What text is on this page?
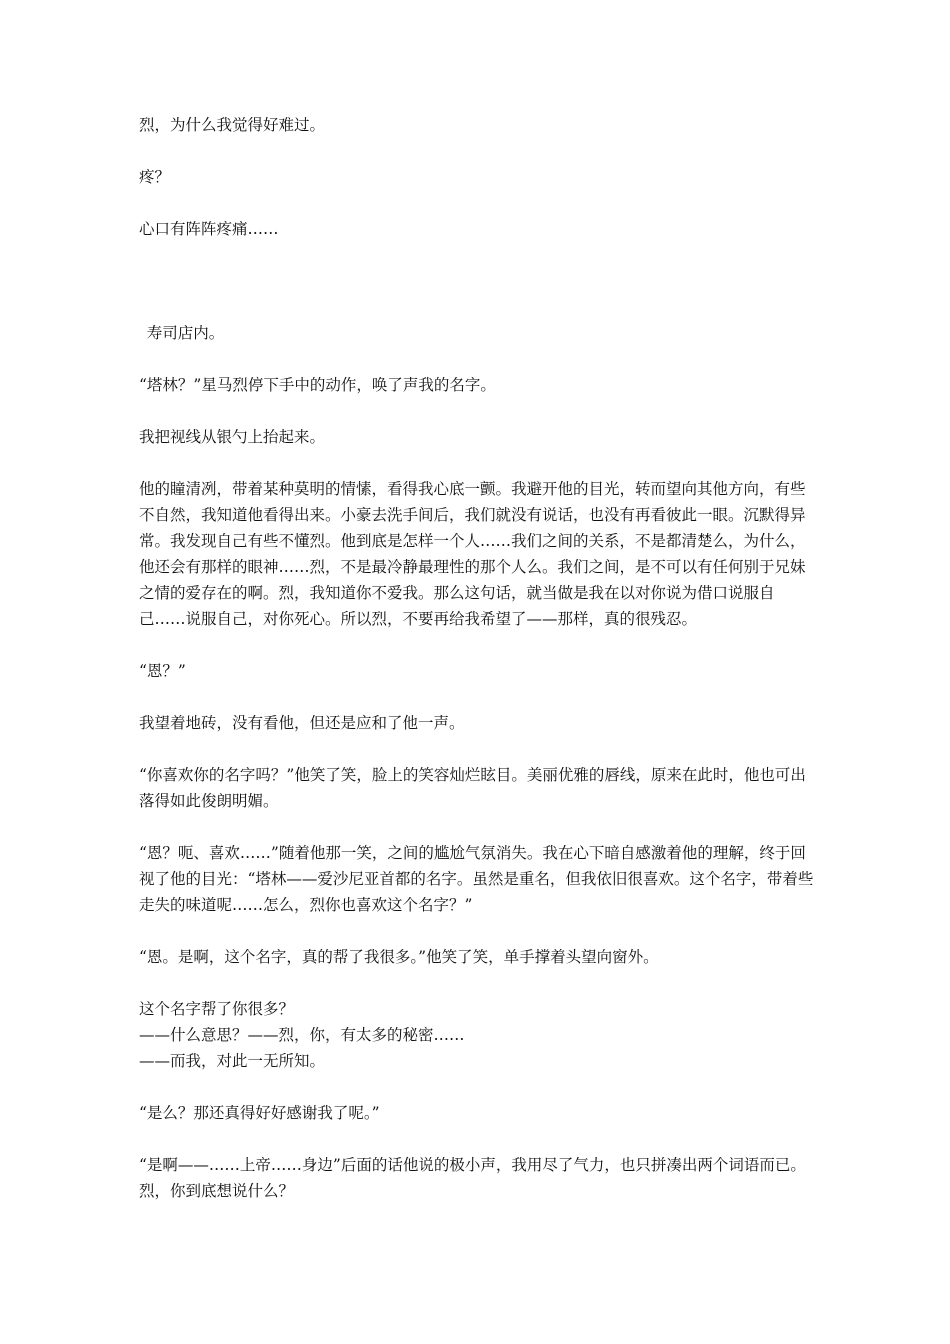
烈，为什么我觉得好难过。

疼？

心口有阵阵疼痛……

寿司店内。

“塔林？”星马烈停下手中的动作，唤了声我的名字。

我把视线从银勺上抬起来。

他的瞳清冽，带着某种莫明的情愫，看得我心底一颤。我避开他的目光，转而望向其他方向，有些不自然，我知道他看得出来。小豪去洗手间后，我们就没有说话，也没有再看彼此一眼。沉默得异常。我发现自己有些不懂烈。他到底是怎样一个人……我们之间的关系，不是都清楚么，为什么，他还会有那样的眼神……烈，不是最冷静最理性的那个人么。我们之间，是不可以有任何别于兄妹之情的爱存在的啊。烈，我知道你不爱我。那么这句话，就当做是我在以对你说为借口说服自己……说服自己，对你死心。所以烈，不要再给我希望了——那样，真的很残忍。

“恩？”

我望着地砖，没有看他，但还是应和了他一声。

“你喜欢你的名字吗？”他笑了笑，脸上的笑容灿烂眩目。美丽优雅的唇线，原来在此时，他也可出落得如此俊朗明媚。

“恩？呃、喜欢……”随着他那一笑，之间的尴尬气氛消失。我在心下暗自感激着他的理解，终于回视了他的目光：“塔林——爱沙尼亚首都的名字。虽然是重名，但我依旧很喜欢。这个名字，带着些走失的味道呢……怎么，烈你也喜欢这个名字？”

“恩。是啊，这个名字，真的帮了我很多。”他笑了笑，单手撑着头望向窗外。

这个名字帮了你很多？
——什么意思？——烈，你，有太多的秘密……
——而我，对此一无所知。

“是么？那还真得好好感谢我了呢。”

“是啊——……上帝……身边”后面的话他说的极小声，我用尽了气力，也只拼凑出两个词语而已。烈，你到底想说什么？
